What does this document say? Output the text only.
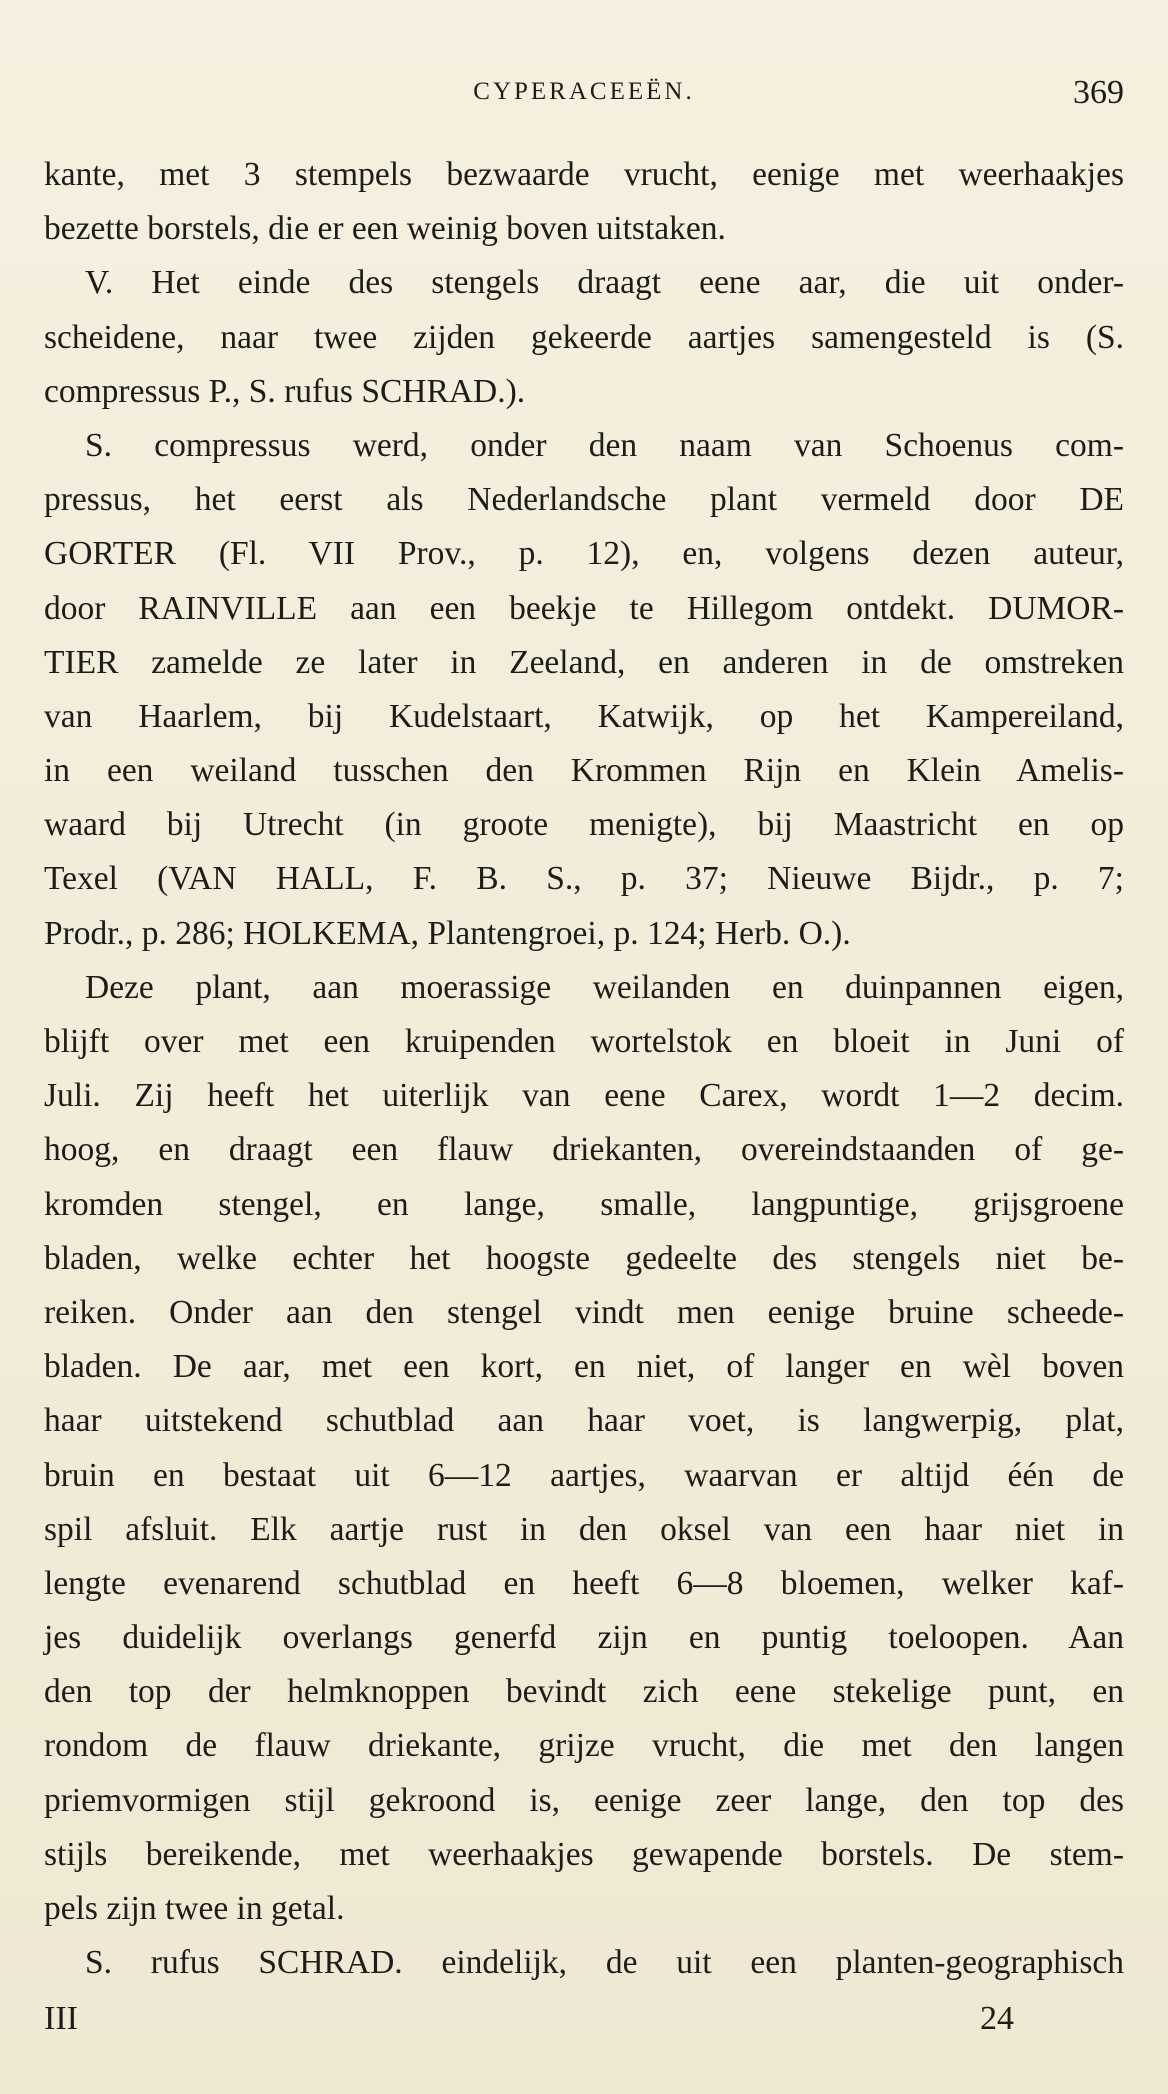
CYPERACEEËN.	369
kante, met 3 stempels bezwaarde vrucht, eenige met weerhaakjes
bezette borstels, die er een weinig boven uitstaken.
V. Het einde des stengels draagt eene aar, die uit onder-
scheidene, naar twee zijden gekeerde aartjes samengesteld is (S.
compressus P., S. rufus SCHRAD.).
S. compressus werd, onder den naam van Schoenus com-
pressus, het eerst als Nederlandsche plant vermeld door DE
GORTER (Fl. VII Prov., p. 12), en, volgens dezen auteur,
door RAINVILLE aan een beekje te Hillegom ontdekt. DUMOR-
TIER zamelde ze later in Zeeland, en anderen in de omstreken
van Haarlem, bij Kudelstaart, Katwijk, op het Kampereiland,
in een weiland tusschen den Krommen Rijn en Klein Amelis-
waard bij Utrecht (in groote menigte), bij Maastricht en op
Texel (VAN HALL, F. B. S., p. 37; Nieuwe Bijdr., p. 7;
Prodr., p. 286; HOLKEMA, Plantengroei, p. 124; Herb. O.).
Deze plant, aan moerassige weilanden en duinpannen eigen,
blijft over met een kruipenden wortelstok en bloeit in Juni of
Juli. Zij heeft het uiterlijk van eene Carex, wordt 1—2 decim.
hoog, en draagt een flauw driekanten, overeindstaanden of ge-
kromden stengel, en lange, smalle, langpuntige, grijsgroene
bladen, welke echter het hoogste gedeelte des stengels niet be-
reiken. Onder aan den stengel vindt men eenige bruine scheede-
bladen. De aar, met een kort, en niet, of langer en wèl boven
haar uitstekend schutblad aan haar voet, is langwerpig, plat,
bruin en bestaat uit 6—12 aartjes, waarvan er altijd één de
spil afsluit. Elk aartje rust in den oksel van een haar niet in
lengte evenarend schutblad en heeft 6—8 bloemen, welker kaf-
jes duidelijk overlangs generfd zijn en puntig toeloopen. Aan
den top der helmknoppen bevindt zich eene stekelige punt, en
rondom de flauw driekante, grijze vrucht, die met den langen
priemvormigen stijl gekroond is, eenige zeer lange, den top des
stijls bereikende, met weerhaakjes gewapende borstels. De stem-
pels zijn twee in getal.
S. rufus SCHRAD. eindelijk, de uit een planten-geographisch
III	24
